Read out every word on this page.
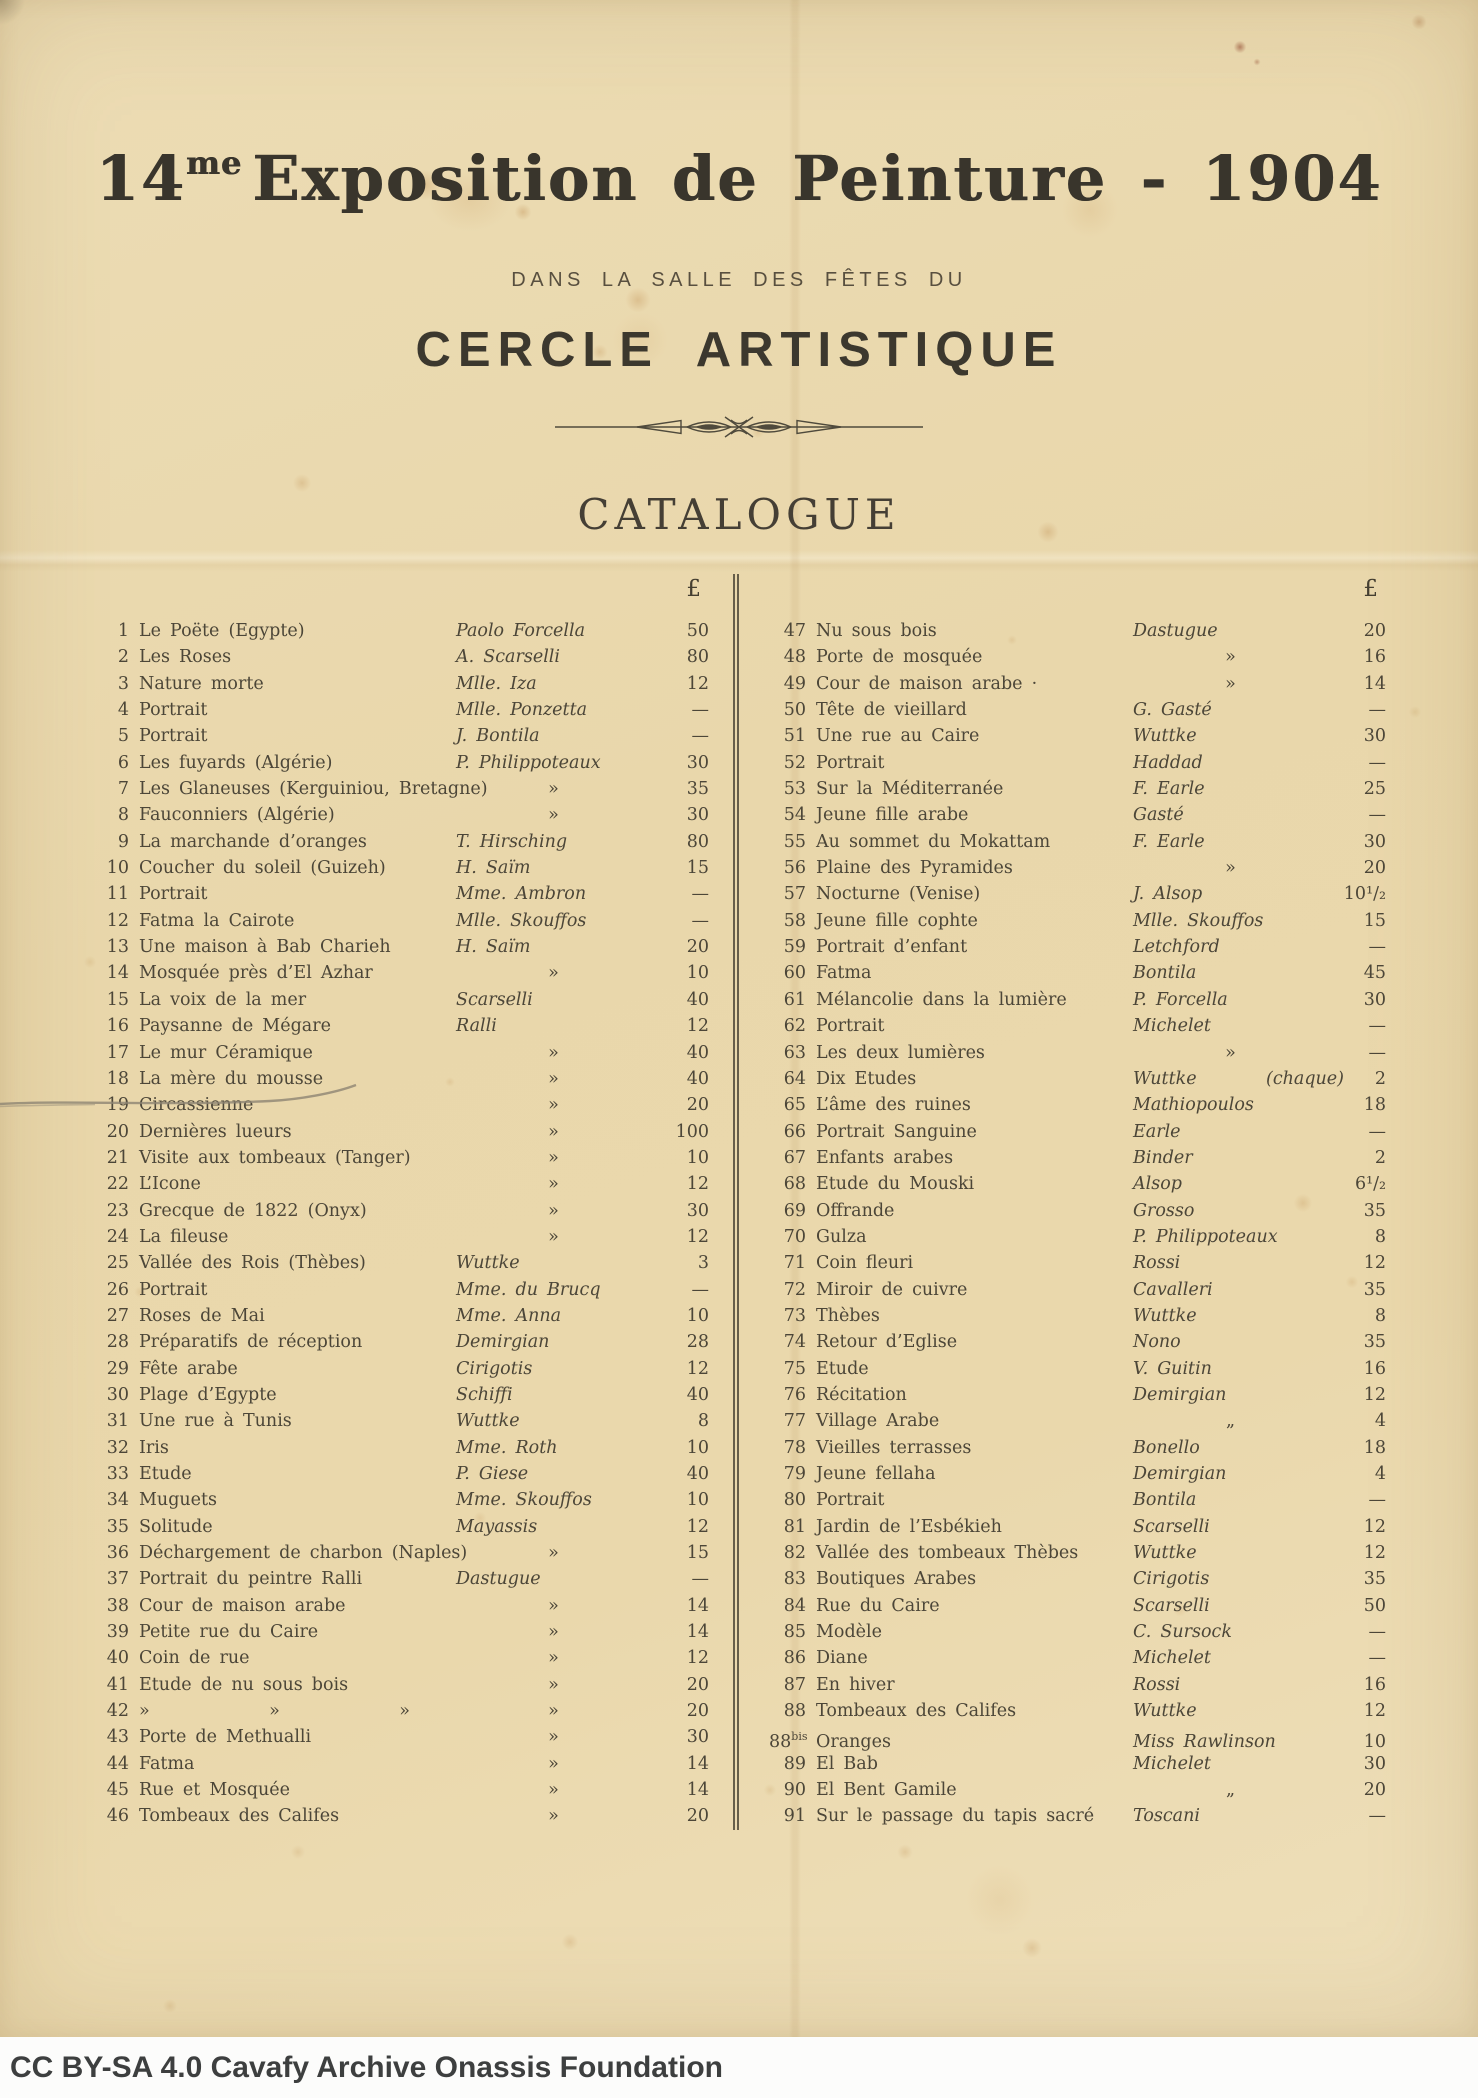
$14^{me}$ Exposition de Peinture - 1904
DANS LA SALLE DES FÊTES DU
CERCLE ARTISTIQUE
CATALOGUE
£
1 Le Poëte (Egypte)	Paolo Forcella	50
2 Les Roses	A. Scarselli	80
3 Nature morte	Mlle. Iza	12
4 Portrait	Mlle. Ponzetta	—
5 Portrait	J. Bontila	—
6 Les fuyards (Algérie)	P. Philippoteaux	30
7 Les Glaneuses (Kerguiniou, Bretagne)	»	35
8 Fauconniers (Algérie)	»	30
9 La marchande d’oranges	T. Hirsching	80
10 Coucher du soleil (Guizeh)	H. Saïm	15
11 Portrait	Mme. Ambron	—
12 Fatma la Cairote	Mlle. Skouffos	—
13 Une maison à Bab Charieh	H. Saïm	20
14 Mosquée près d’El Azhar	»	10
15 La voix de la mer	Scarselli	40
16 Paysanne de Mégare	Ralli	12
17 Le mur Céramique	»	40
18 La mère du mousse	»	40
19 Circassienne	»	20
20 Dernières lueurs	»	100
21 Visite aux tombeaux (Tanger)	»	10
22 L’Icone	»	12
23 Grecque de 1822 (Onyx)	»	30
24 La fileuse	»	12
25 Vallée des Rois (Thèbes)	Wuttke	3
26 Portrait	Mme. du Brucq	—
27 Roses de Mai	Mme. Anna	10
28 Préparatifs de réception	Demirgian	28
29 Fête arabe	Cirigotis	12
30 Plage d’Egypte	Schiffi	40
31 Une rue à Tunis	Wuttke	8
32 Iris	Mme. Roth	10
33 Etude	P. Giese	40
34 Muguets	Mme. Skouffos	10
35 Solitude	Mayassis	12
36 Déchargement de charbon (Naples)	»	15
37 Portrait du peintre Ralli	Dastugue	—
38 Cour de maison arabe	»	14
39 Petite rue du Caire	»	14
40 Coin de rue	»	12
41 Etude de nu sous bois	»	20
42 »	»	»	»	20
43 Porte de Methualli	»	30
44 Fatma	»	14
45 Rue et Mosquée	»	14
46 Tombeaux des Califes	»	20
£
47 Nu sous bois	Dastugue	20
48 Porte de mosquée	»	16
49 Cour de maison arabe ·	»	14
50 Tête de vieillard	G. Gasté	—
51 Une rue au Caire	Wuttke	30
52 Portrait	Haddad	—
53 Sur la Méditerranée	F. Earle	25
54 Jeune fille arabe	Gasté	—
55 Au sommet du Mokattam	F. Earle	30
56 Plaine des Pyramides	»	20
57 Nocturne (Venise)	J. Alsop	10¹/₂
58 Jeune fille cophte	Mlle. Skouffos	15
59 Portrait d’enfant	Letchford	—
60 Fatma	Bontila	45
61 Mélancolie dans la lumière	P. Forcella	30
62 Portrait	Michelet	—
63 Les deux lumières	»	—
64 Dix Etudes	Wuttke	(chaque)	2
65 L’âme des ruines	Mathiopoulos	18
66 Portrait Sanguine	Earle	—
67 Enfants arabes	Binder	2
68 Etude du Mouski	Alsop	6¹/₂
69 Offrande	Grosso	35
70 Gulza	P. Philippoteaux	8
71 Coin fleuri	Rossi	12
72 Miroir de cuivre	Cavalleri	35
73 Thèbes	Wuttke	8
74 Retour d’Eglise	Nono	35
75 Etude	V. Guitin	16
76 Récitation	Demirgian	12
77 Village Arabe	„	4
78 Vieilles terrasses	Bonello	18
79 Jeune fellaha	Demirgian	4
80 Portrait	Bontila	—
81 Jardin de l’Esbékieh	Scarselli	12
82 Vallée des tombeaux Thèbes	Wuttke	12
83 Boutiques Arabes	Cirigotis	35
84 Rue du Caire	Scarselli	50
85 Modèle	C. Sursock	—
86 Diane	Michelet	—
87 En hiver	Rossi	16
88 Tombeaux des Califes	Wuttke	12
$88^{bis}$ Oranges	Miss Rawlinson	10
89 El Bab	Michelet	30
90 El Bent Gamile	„	20
91 Sur le passage du tapis sacré	Toscani	—
CC BY-SA 4.0 Cavafy Archive Onassis Foundation
